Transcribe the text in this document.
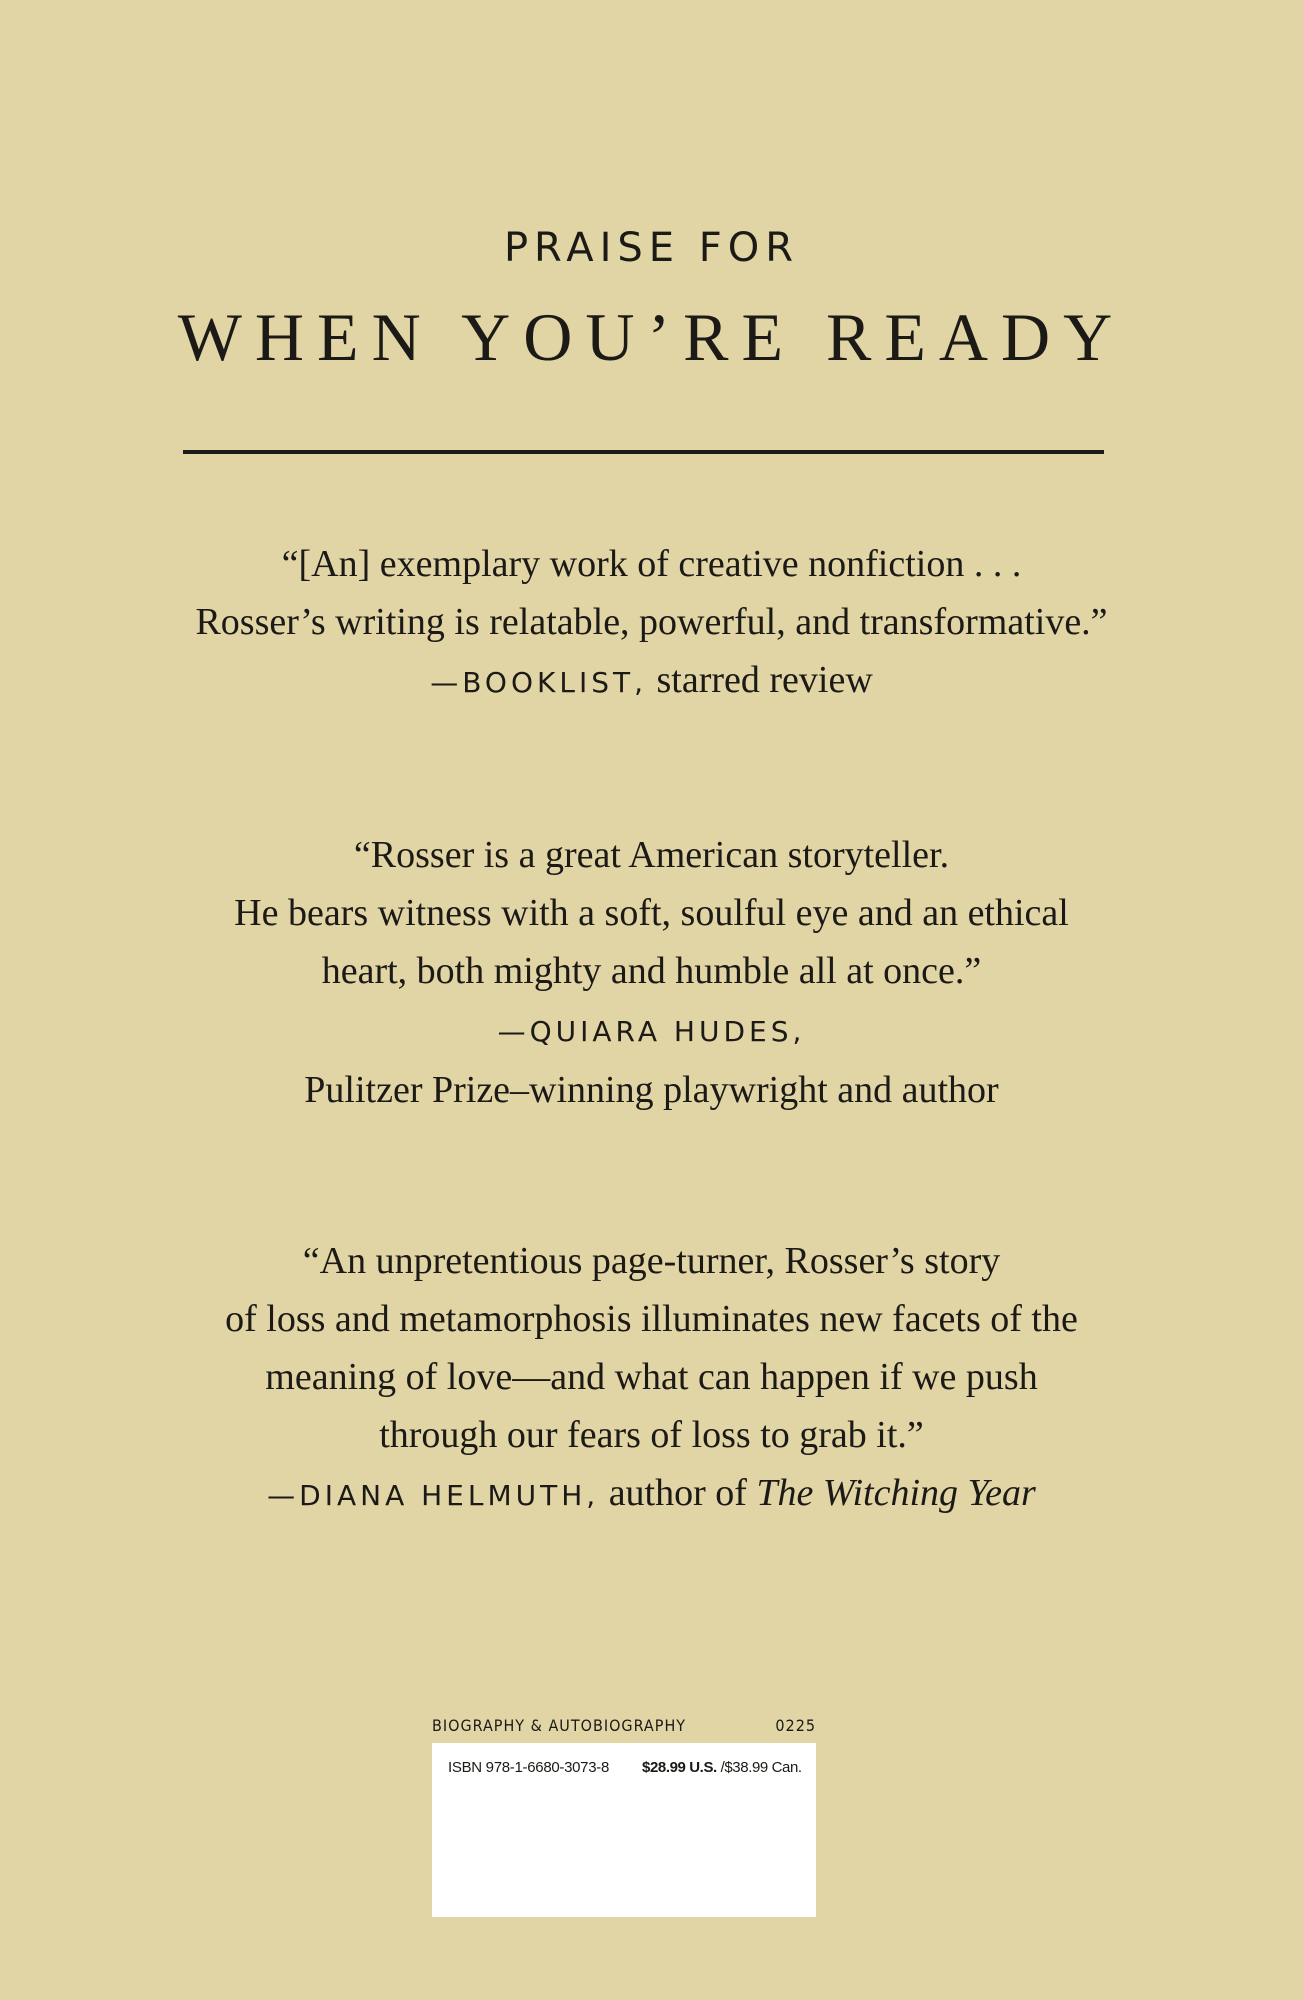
PRAISE FOR
WHEN YOU’RE READY
“[An] exemplary work of creative nonfiction . . .
Rosser’s writing is relatable, powerful, and transformative.”
—BOOKLIST, starred review
“Rosser is a great American storyteller.
He bears witness with a soft, soulful eye and an ethical
heart, both mighty and humble all at once.”
—QUIARA HUDES,
Pulitzer Prize–winning playwright and author
“An unpretentious page-turner, Rosser’s story
of loss and metamorphosis illuminates new facets of the
meaning of love—and what can happen if we push
through our fears of loss to grab it.”
—DIANA HELMUTH, author of The Witching Year
BIOGRAPHY & AUTOBIOGRAPHY	0225
ISBN 978-1-6680-3073-8 $28.99 U.S. /$38.99 Can.
